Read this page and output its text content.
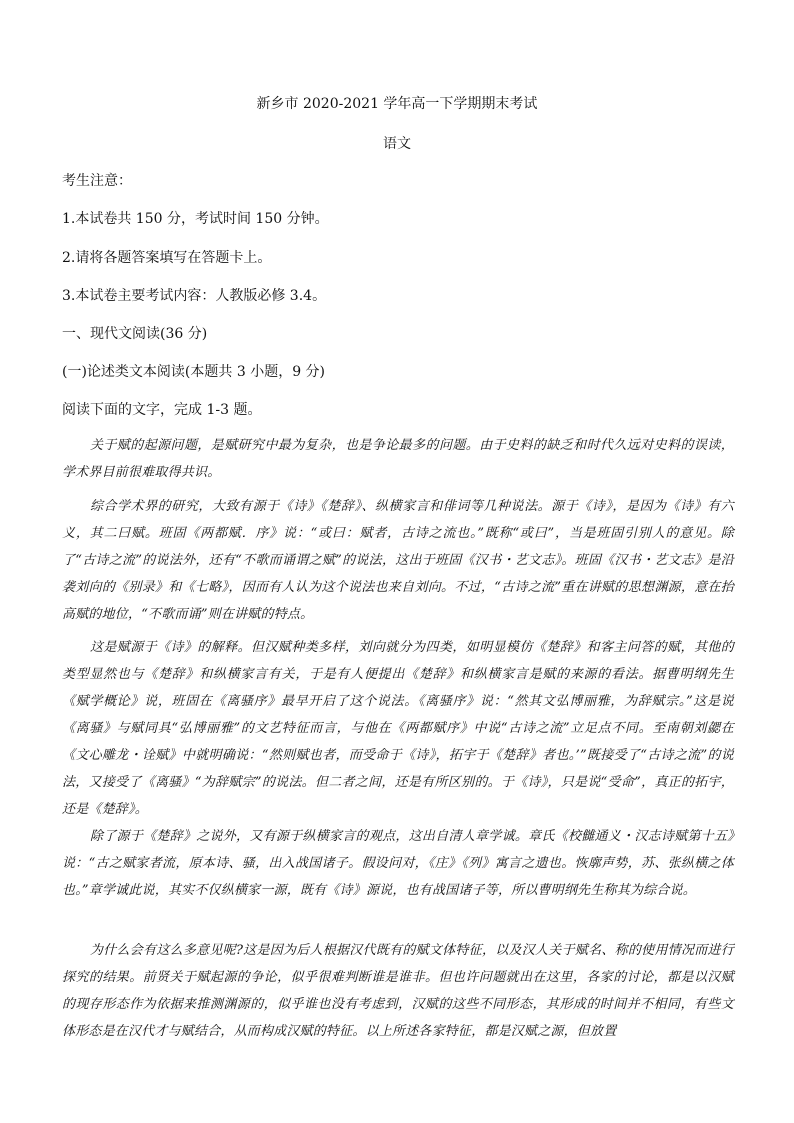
新乡市 2020-2021 学年高一下学期期末考试
语文
考生注意：
1.本试卷共 150 分，考试时间 150 分钟。
2.请将各题答案填写在答题卡上。
3.本试卷主要考试内容：人教版必修 3.4。
一、现代文阅读(36 分)
(一)论述类文本阅读(本题共 3 小题，9 分)
阅读下面的文字，完成 1-3 题。
关于赋的起源问题，是赋研究中最为复杂，也是争论最多的问题。由于史料的缺乏和时代久远对史料的误读，学术界目前很难取得共识。
综合学术界的研究，大致有源于《诗》《楚辞》、纵横家言和俳词等几种说法。源于《诗》，是因为《诗》有六义，其二曰赋。班固《两都赋．序》说：“或曰：赋者，古诗之流也。”既称“或曰”，当是班固引别人的意见。除了“古诗之流”的说法外，还有“不歌而诵谓之赋”的说法，这出于班固《汉书・艺文志》。班固《汉书・艺文志》是沿袭刘向的《别录》和《七略》，因而有人认为这个说法也来自刘向。不过，“古诗之流”重在讲赋的思想渊源，意在抬高赋的地位，“不歌而诵”则在讲赋的特点。
这是赋源于《诗》的解释。但汉赋种类多样，刘向就分为四类，如明显模仿《楚辞》和客主问答的赋，其他的类型显然也与《楚辞》和纵横家言有关，于是有人便提出《楚辞》和纵横家言是赋的来源的看法。据曹明纲先生《赋学概论》说，班固在《离骚序》最早开启了这个说法。《离骚序》说：“然其文弘博丽雅，为辞赋宗。”这是说《离骚》与赋同具“弘博丽雅”的文艺特征而言，与他在《两都赋序》中说“古诗之流”立足点不同。至南朝刘勰在《文心雕龙・诠赋》中就明确说：“然则赋也者，而受命于《诗》，拓宇于《楚辞》者也。’”既接受了“古诗之流”的说法，又接受了《离骚》“为辞赋宗”的说法。但二者之间，还是有所区别的。于《诗》，只是说“受命”，真正的拓宇，还是《楚辞》。
除了源于《楚辞》之说外，又有源于纵横家言的观点，这出自清人章学诚。章氏《校雠通义・汉志诗赋第十五》说：“古之赋家者流，原本诗、骚，出入战国诸子。假设问对，《庄》《列》寓言之遗也。恢廓声势，苏、张纵横之体也。”章学诚此说，其实不仅纵横家一源，既有《诗》源说，也有战国诸子等，所以曹明纲先生称其为综合说。
为什么会有这么多意见呢?这是因为后人根据汉代既有的赋文体特征，以及汉人关于赋名、称的使用情况而进行探究的结果。前贤关于赋起源的争论，似乎很难判断谁是谁非。但也许问题就出在这里，各家的讨论，都是以汉赋的现存形态作为依据来推测渊源的，似乎谁也没有考虑到，汉赋的这些不同形态，其形成的时间并不相同，有些文体形态是在汉代才与赋结合，从而构成汉赋的特征。以上所述各家特征，都是汉赋之源，但放置
